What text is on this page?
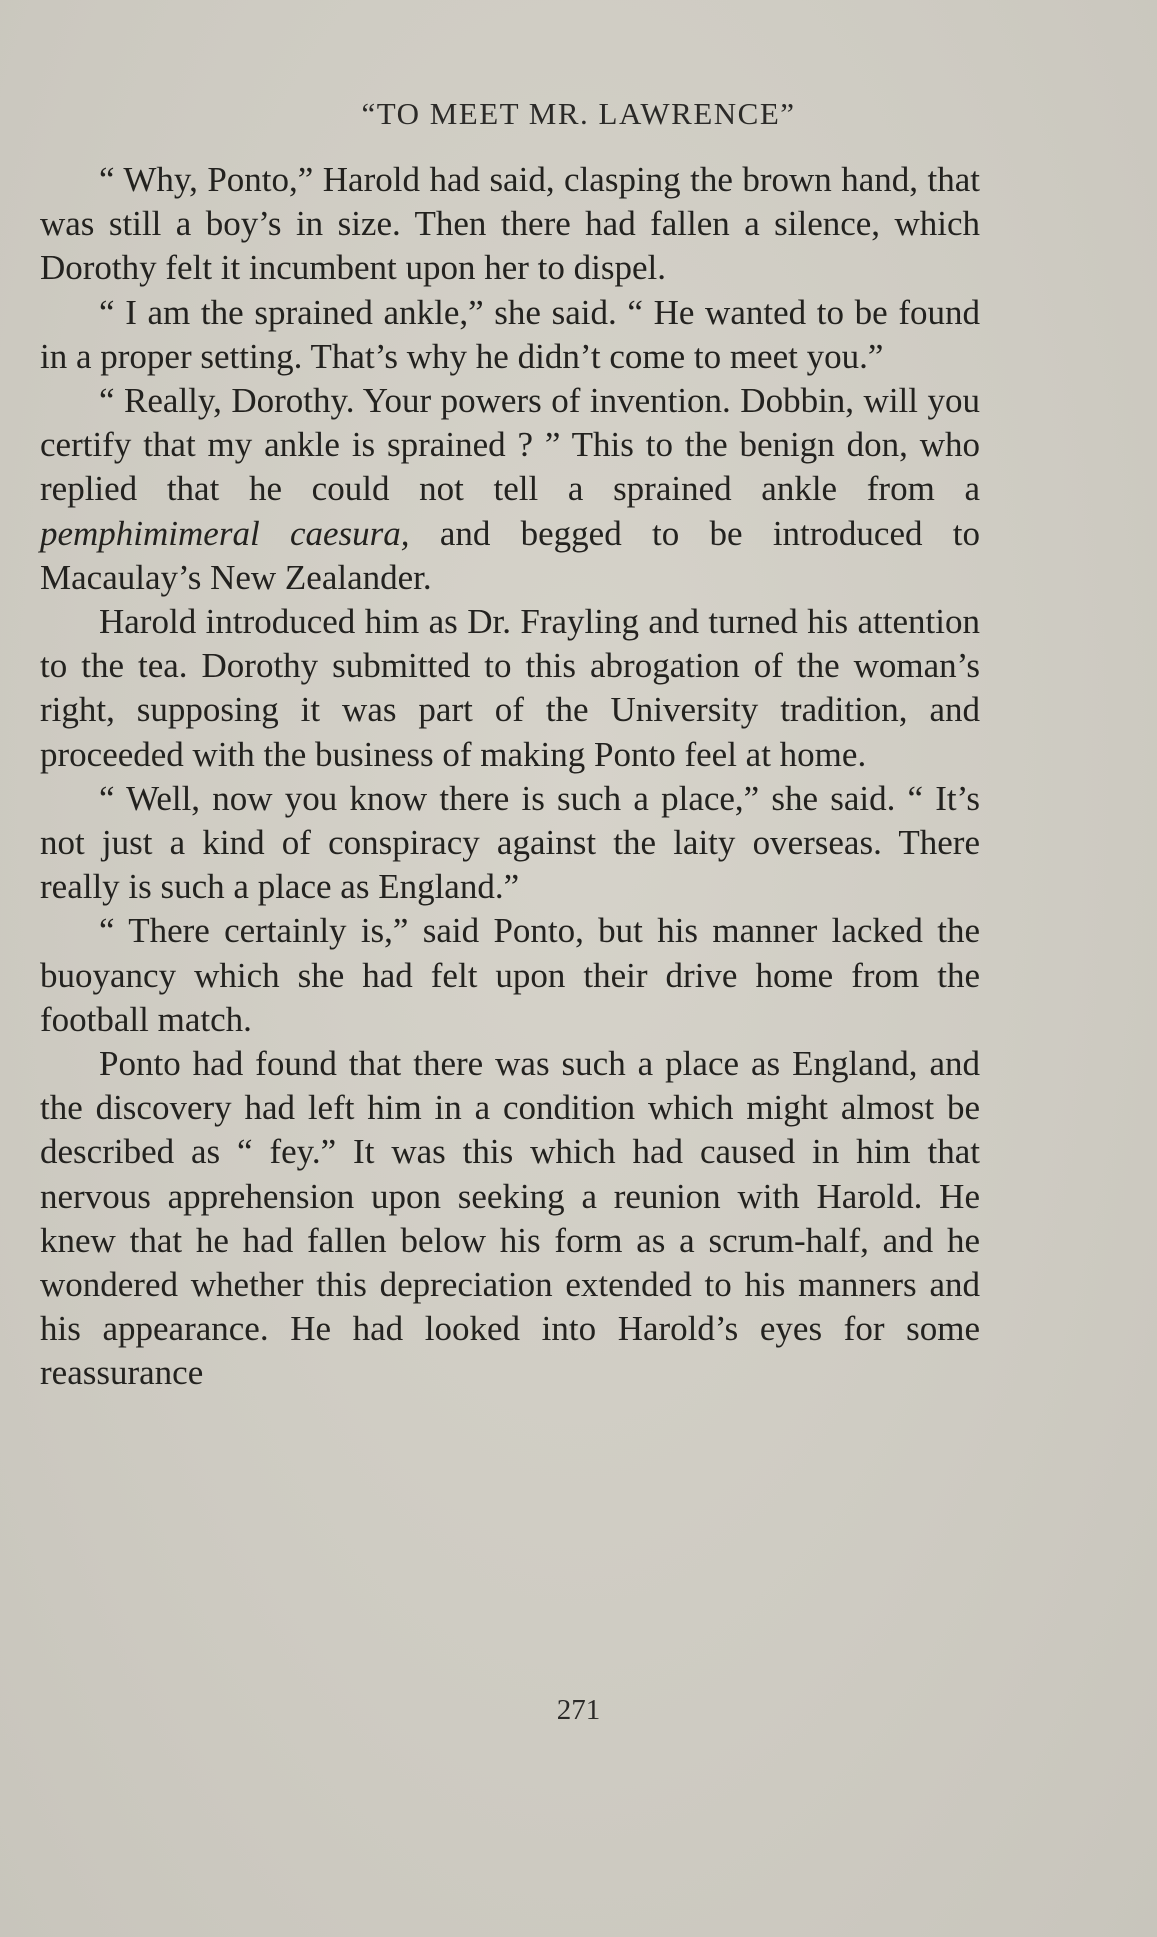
“TO MEET MR. LAWRENCE”

“ Why, Ponto,” Harold had said, clasping the brown hand, that was still a boy’s in size. Then there had fallen a silence, which Dorothy felt it incumbent upon her to dispel.

“ I am the sprained ankle,” she said. “ He wanted to be found in a proper setting. That’s why he didn’t come to meet you.”

“ Really, Dorothy. Your powers of invention. Dobbin, will you certify that my ankle is sprained ? ” This to the benign don, who replied that he could not tell a sprained ankle from a pemphimimeral caesura, and begged to be introduced to Macaulay’s New Zealander.

Harold introduced him as Dr. Frayling and turned his attention to the tea. Dorothy submitted to this abrogation of the woman’s right, supposing it was part of the University tradition, and proceeded with the business of making Ponto feel at home.

“ Well, now you know there is such a place,” she said. “ It’s not just a kind of conspiracy against the laity overseas. There really is such a place as England.”

“ There certainly is,” said Ponto, but his manner lacked the buoyancy which she had felt upon their drive home from the football match.

Ponto had found that there was such a place as England, and the discovery had left him in a condition which might almost be described as “ fey.” It was this which had caused in him that nervous apprehension upon seeking a reunion with Harold. He knew that he had fallen below his form as a scrum-half, and he wondered whether this depreciation extended to his manners and his appearance. He had looked into Harold’s eyes for some reassurance

271
